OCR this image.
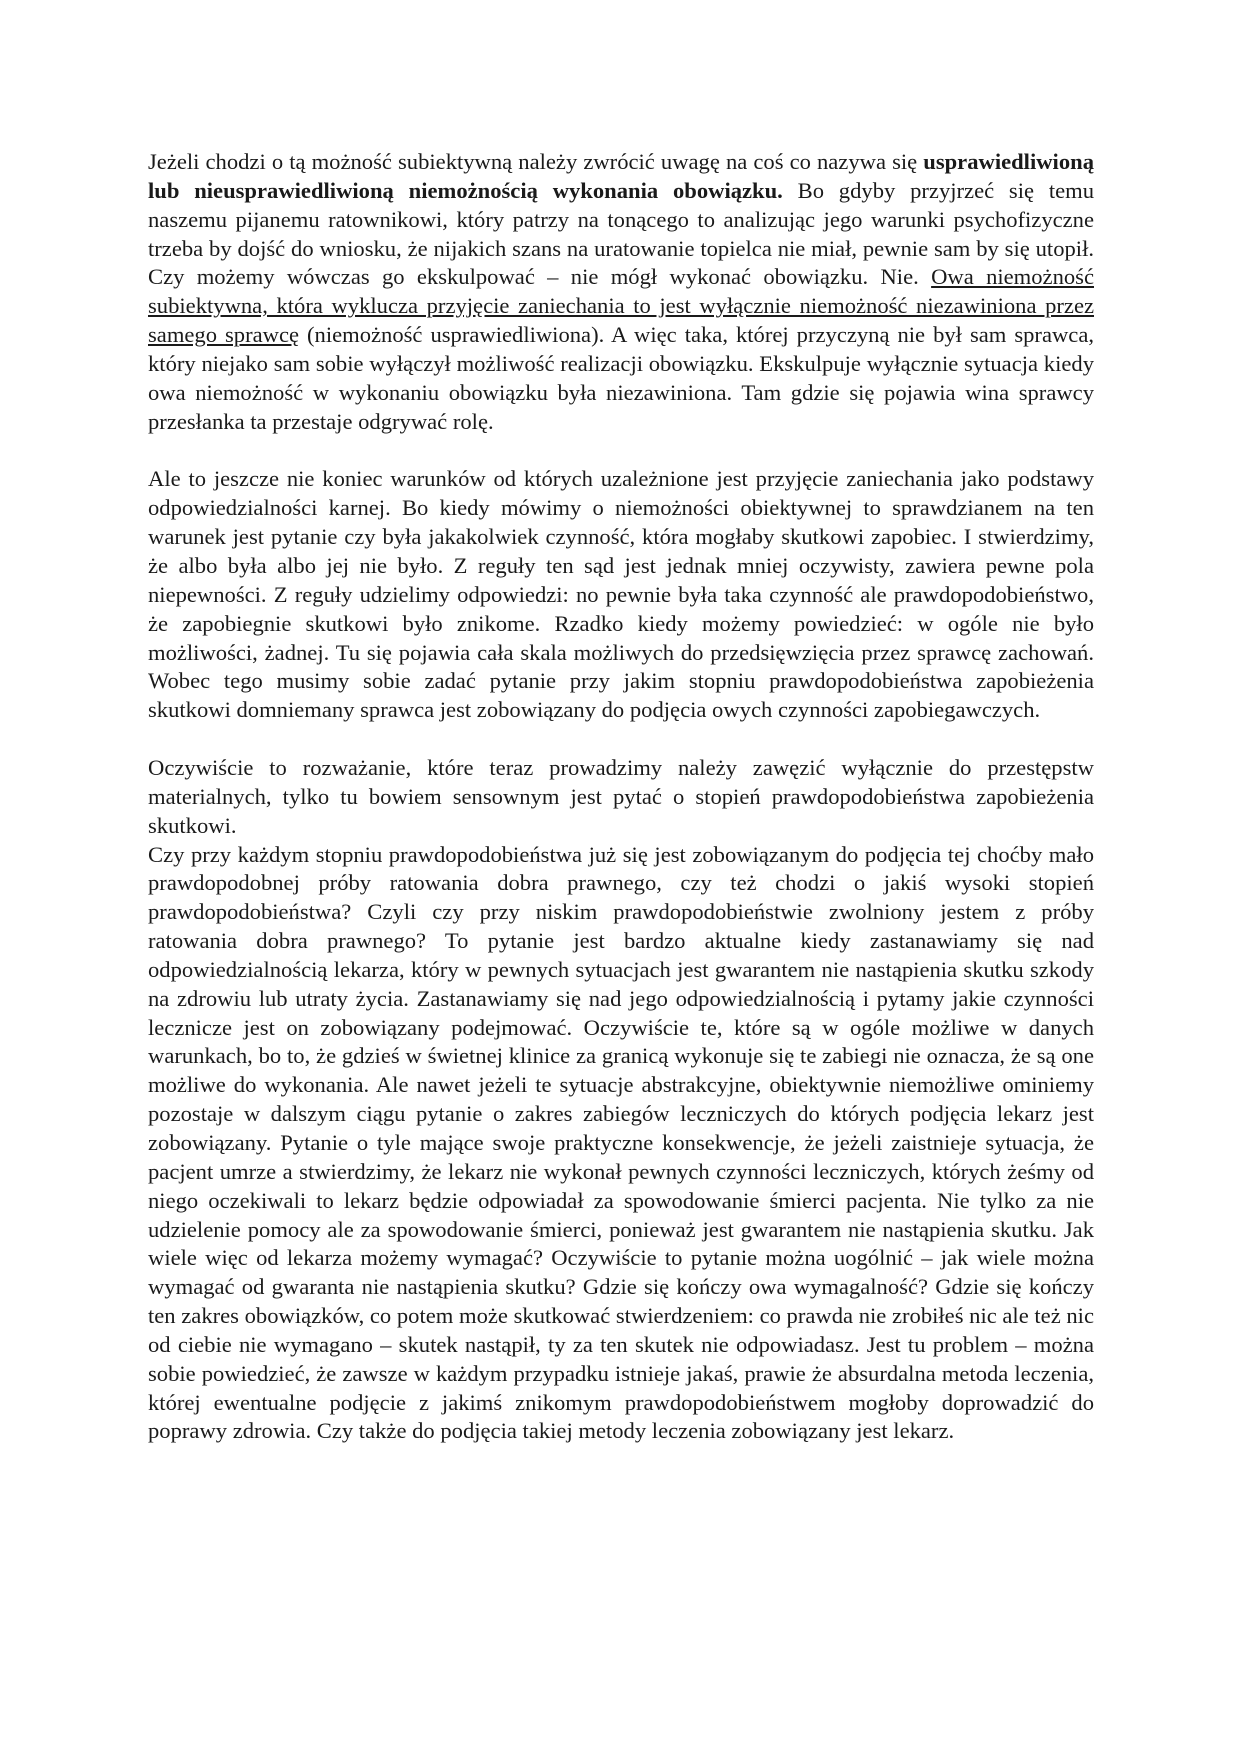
Jeżeli chodzi o tą możność subiektywną należy zwrócić uwagę na coś co nazywa się usprawiedliwioną lub nieusprawiedliwioną niemożnością wykonania obowiązku. Bo gdyby przyjrzeć się temu naszemu pijanemu ratownikowi, który patrzy na tonącego to analizując jego warunki psychofizyczne trzeba by dojść do wniosku, że nijakich szans na uratowanie topielca nie miał, pewnie sam by się utopił. Czy możemy wówczas go ekskulpować – nie mógł wykonać obowiązku. Nie. Owa niemożność subiektywna, która wyklucza przyjęcie zaniechania to jest wyłącznie niemożność niezawiniona przez samego sprawcę (niemożność usprawiedliwiona). A więc taka, której przyczyną nie był sam sprawca, który niejako sam sobie wyłączył możliwość realizacji obowiązku. Ekskulpuje wyłącznie sytuacja kiedy owa niemożność w wykonaniu obowiązku była niezawiniona. Tam gdzie się pojawia wina sprawcy przesłanka ta przestaje odgrywać rolę.

Ale to jeszcze nie koniec warunków od których uzależnione jest przyjęcie zaniechania jako podstawy odpowiedzialności karnej. Bo kiedy mówimy o niemożności obiektywnej to sprawdzianem na ten warunek jest pytanie czy była jakakolwiek czynność, która mogłaby skutkowi zapobiec. I stwierdzimy, że albo była albo jej nie było. Z reguły ten sąd jest jednak mniej oczywisty, zawiera pewne pola niepewności. Z reguły udzielimy odpowiedzi: no pewnie była taka czynność ale prawdopodobieństwo, że zapobiegnie skutkowi było znikome. Rzadko kiedy możemy powiedzieć: w ogóle nie było możliwości, żadnej. Tu się pojawia cała skala możliwych do przedsięwzięcia przez sprawcę zachowań. Wobec tego musimy sobie zadać pytanie przy jakim stopniu prawdopodobieństwa zapobieżenia skutkowi domniemany sprawca jest zobowiązany do podjęcia owych czynności zapobiegawczych.

Oczywiście to rozważanie, które teraz prowadzimy należy zawęzić wyłącznie do przestępstw materialnych, tylko tu bowiem sensownym jest pytać o stopień prawdopodobieństwa zapobieżenia skutkowi.

Czy przy każdym stopniu prawdopodobieństwa już się jest zobowiązanym do podjęcia tej choćby mało prawdopodobnej próby ratowania dobra prawnego, czy też chodzi o jakiś wysoki stopień prawdopodobieństwa? Czyli czy przy niskim prawdopodobieństwie zwolniony jestem z próby ratowania dobra prawnego? To pytanie jest bardzo aktualne kiedy zastanawiamy się nad odpowiedzialnością lekarza, który w pewnych sytuacjach jest gwarantem nie nastąpienia skutku szkody na zdrowiu lub utraty życia. Zastanawiamy się nad jego odpowiedzialnością i pytamy jakie czynności lecznicze jest on zobowiązany podejmować. Oczywiście te, które są w ogóle możliwe w danych warunkach, bo to, że gdzieś w świetnej klinice za granicą wykonuje się te zabiegi nie oznacza, że są one możliwe do wykonania. Ale nawet jeżeli te sytuacje abstrakcyjne, obiektywnie niemożliwe ominiemy pozostaje w dalszym ciągu pytanie o zakres zabiegów leczniczych do których podjęcia lekarz jest zobowiązany. Pytanie o tyle mające swoje praktyczne konsekwencje, że jeżeli zaistnieje sytuacja, że pacjent umrze a stwierdzimy, że lekarz nie wykonał pewnych czynności leczniczych, których żeśmy od niego oczekiwali to lekarz będzie odpowiadał za spowodowanie śmierci pacjenta. Nie tylko za nie udzielenie pomocy ale za spowodowanie śmierci, ponieważ jest gwarantem nie nastąpienia skutku. Jak wiele więc od lekarza możemy wymagać? Oczywiście to pytanie można uogólnić – jak wiele można wymagać od gwaranta nie nastąpienia skutku? Gdzie się kończy owa wymagalność? Gdzie się kończy ten zakres obowiązków, co potem może skutkować stwierdzeniem: co prawda nie zrobiłeś nic ale też nic od ciebie nie wymagano – skutek nastąpił, ty za ten skutek nie odpowiadasz. Jest tu problem – można sobie powiedzieć, że zawsze w każdym przypadku istnieje jakaś, prawie że absurdalna metoda leczenia, której ewentualne podjęcie z jakimś znikomym prawdopodobieństwem mogłoby doprowadzić do poprawy zdrowia. Czy także do podjęcia takiej metody leczenia zobowiązany jest lekarz.
